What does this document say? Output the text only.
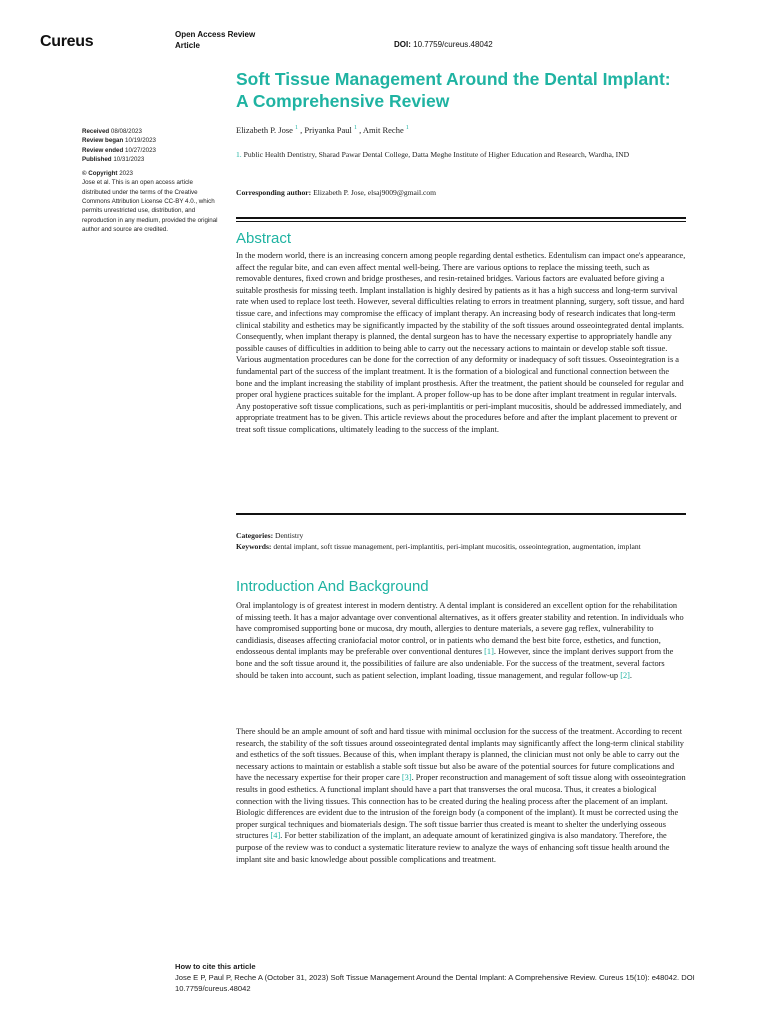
Cureus	Open Access Review
Article	DOI: 10.7759/cureus.48042
Received 08/08/2023
Review began 10/19/2023
Review ended 10/27/2023
Published 10/31/2023
© Copyright 2023
Jose et al. This is an open access article distributed under the terms of the Creative Commons Attribution License CC-BY 4.0., which permits unrestricted use, distribution, and reproduction in any medium, provided the original author and source are credited.
Soft Tissue Management Around the Dental Implant: A Comprehensive Review
Elizabeth P. Jose $^1$ , Priyanka Paul $^1$ , Amit Reche $^1$
1. Public Health Dentistry, Sharad Pawar Dental College, Datta Meghe Institute of Higher Education and Research, Wardha, IND
Corresponding author: Elizabeth P. Jose, elsaj9009@gmail.com
Abstract
In the modern world, there is an increasing concern among people regarding dental esthetics. Edentulism can impact one's appearance, affect the regular bite, and can even affect mental well-being. There are various options to replace the missing teeth, such as removable dentures, fixed crown and bridge prostheses, and resin-retained bridges. Various factors are evaluated before giving a suitable prosthesis for missing teeth. Implant installation is highly desired by patients as it has a high success and long-term survival rate when used to replace lost teeth. However, several difficulties relating to errors in treatment planning, surgery, soft tissue, and hard tissue care, and infections may compromise the efficacy of implant therapy. An increasing body of research indicates that long-term clinical stability and esthetics may be significantly impacted by the stability of the soft tissues around osseointegrated dental implants. Consequently, when implant therapy is planned, the dental surgeon has to have the necessary expertise to appropriately handle any possible causes of difficulties in addition to being able to carry out the necessary actions to maintain or develop stable soft tissue. Various augmentation procedures can be done for the correction of any deformity or inadequacy of soft tissues. Osseointegration is a fundamental part of the success of the implant treatment. It is the formation of a biological and functional connection between the bone and the implant increasing the stability of implant prosthesis. After the treatment, the patient should be counseled for regular and proper oral hygiene practices suitable for the implant. A proper follow-up has to be done after implant treatment in regular intervals. Any postoperative soft tissue complications, such as peri-implantitis or peri-implant mucositis, should be addressed immediately, and appropriate treatment has to be given. This article reviews about the procedures before and after the implant placement to prevent or treat soft tissue complications, ultimately leading to the success of the implant.
Categories: Dentistry
Keywords: dental implant, soft tissue management, peri-implantitis, peri-implant mucositis, osseointegration, augmentation, implant
Introduction And Background
Oral implantology is of greatest interest in modern dentistry. A dental implant is considered an excellent option for the rehabilitation of missing teeth. It has a major advantage over conventional alternatives, as it offers greater stability and retention. In individuals who have compromised supporting bone or mucosa, dry mouth, allergies to denture materials, a severe gag reflex, vulnerability to candidiasis, diseases affecting craniofacial motor control, or in patients who demand the best bite force, esthetics, and function, endosseous dental implants may be preferable over conventional dentures [1]. However, since the implant derives support from the bone and the soft tissue around it, the possibilities of failure are also undeniable. For the success of the treatment, several factors should be taken into account, such as patient selection, implant loading, tissue management, and regular follow-up [2].
There should be an ample amount of soft and hard tissue with minimal occlusion for the success of the treatment. According to recent research, the stability of the soft tissues around osseointegrated dental implants may significantly affect the long-term clinical stability and esthetics of the soft tissues. Because of this, when implant therapy is planned, the clinician must not only be able to carry out the necessary actions to maintain or establish a stable soft tissue but also be aware of the potential sources for future complications and have the necessary expertise for their proper care [3]. Proper reconstruction and management of soft tissue along with osseointegration results in good esthetics. A functional implant should have a part that transverses the oral mucosa. Thus, it creates a biological connection with the living tissues. This connection has to be created during the healing process after the placement of an implant. Biologic differences are evident due to the intrusion of the foreign body (a component of the implant). It must be corrected using the proper surgical techniques and biomaterials design. The soft tissue barrier thus created is meant to shelter the underlying osseous structures [4]. For better stabilization of the implant, an adequate amount of keratinized gingiva is also mandatory. Therefore, the purpose of the review was to conduct a systematic literature review to analyze the ways of enhancing soft tissue health around the implant site and basic knowledge about possible complications and treatment.
How to cite this article
Jose E P, Paul P, Reche A (October 31, 2023) Soft Tissue Management Around the Dental Implant: A Comprehensive Review. Cureus 15(10): e48042. DOI 10.7759/cureus.48042
